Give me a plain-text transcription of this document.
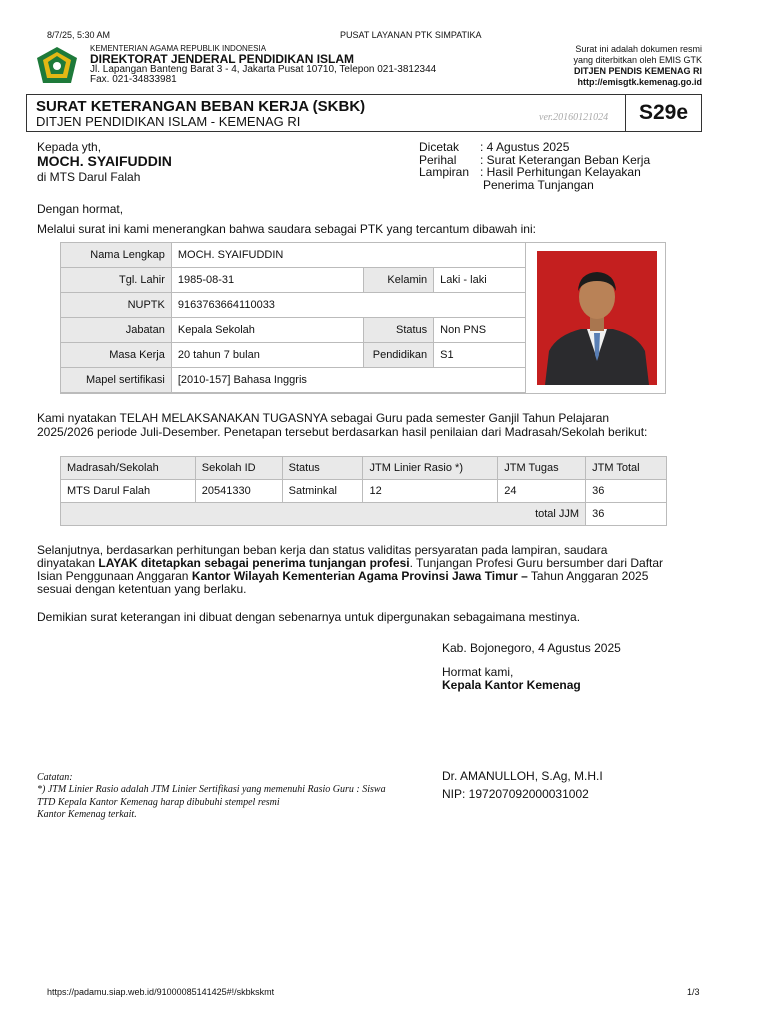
8/7/25, 5:30 AM	PUSAT LAYANAN PTK SIMPATIKA
KEMENTERIAN AGAMA REPUBLIK INDONESIA
DIREKTORAT JENDERAL PENDIDIKAN ISLAM
Jl. Lapangan Banteng Barat 3 - 4, Jakarta Pusat 10710, Telepon 021-3812344
Fax. 021-34833981
Surat ini adalah dokumen resmi
yang diterbitkan oleh EMIS GTK
DITJEN PENDIS KEMENAG RI
http://emisgtk.kemenag.go.id
SURAT KETERANGAN BEBAN KERJA (SKBK)
DITJEN PENDIDIKAN ISLAM - KEMENAG RI	ver.20160121024	S29e
Kepada yth,
MOCH. SYAIFUDDIN
di MTS Darul Falah
Dicetak : 4 Agustus 2025
Perihal : Surat Keterangan Beban Kerja
Lampiran : Hasil Perhitungan Kelayakan
Penerima Tunjangan
Dengan hormat,
Melalui surat ini kami menerangkan bahwa saudara sebagai PTK yang tercantum dibawah ini:
Nama Lengkap	MOCH. SYAIFUDDIN		
Tgl. Lahir	1985-08-31	Kelamin	Laki - laki
NUPTK	9163763664110033		
Jabatan	Kepala Sekolah	Status	Non PNS
Masa Kerja	20 tahun 7 bulan	Pendidikan	S1
Mapel sertifikasi	[2010-157] Bahasa Inggris		
Kami nyatakan TELAH MELAKSANAKAN TUGASNYA sebagai Guru pada semester Ganjil Tahun Pelajaran
2025/2026 periode Juli-Desember. Penetapan tersebut berdasarkan hasil penilaian dari Madrasah/Sekolah berikut:
Madrasah/Sekolah	Sekolah ID	Status	JTM Linier Rasio *)	JTM Tugas	JTM Total
MTS Darul Falah	20541330	Satminkal	12	24	36
total JJM					36
Selanjutnya, berdasarkan perhitungan beban kerja dan status validitas persyaratan pada lampiran, saudara
dinyatakan LAYAK ditetapkan sebagai penerima tunjangan profesi. Tunjangan Profesi Guru bersumber dari Daftar
Isian Penggunaan Anggaran Kantor Wilayah Kementerian Agama Provinsi Jawa Timur – Tahun Anggaran 2025
sesuai dengan ketentuan yang berlaku.
Demikian surat keterangan ini dibuat dengan sebenarnya untuk dipergunakan sebagaimana mestinya.
Kab. Bojonegoro, 4 Agustus 2025
Hormat kami,
Kepala Kantor Kemenag
Dr. AMANULLOH, S.Ag, M.H.I
NIP: 197207092000031002
Catatan:
*) JTM Linier Rasio adalah JTM Linier Sertifikasi yang memenuhi Rasio Guru : Siswa
TTD Kepala Kantor Kemenag harap dibubuhi stempel resmi
Kantor Kemenag terkait.
https://padamu.siap.web.id/91000085141425#!/skbkskmt	1/3
